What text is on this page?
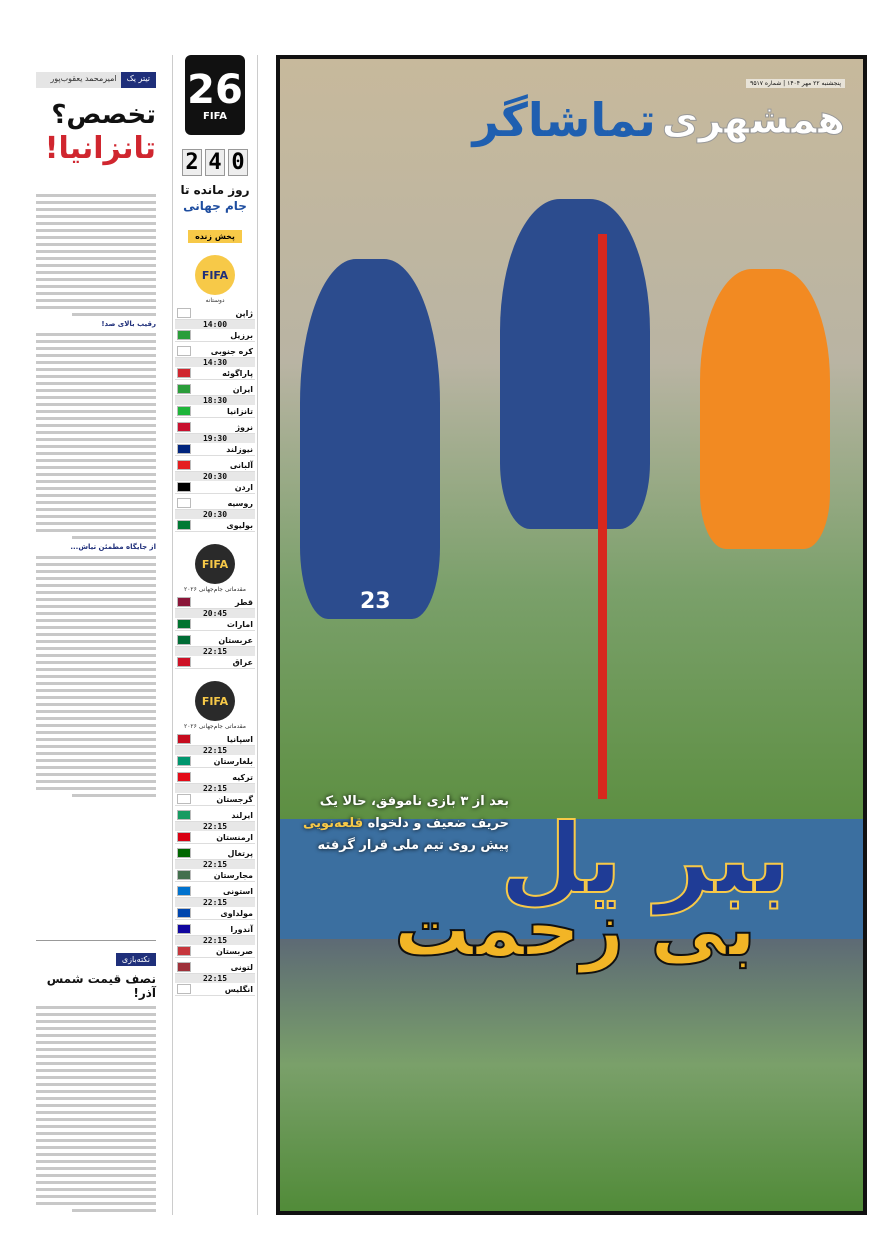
تیتر یک
امیرمحمد یعقوب‌پور
تخصص؟
تانزانیا!
رقیب بالای صد!
از جایگاه مطمئن تیاش...
نکته‌بازی
نصف قیمت شمس آذر!
26
FIFA
2 4 0
روز مانده تا
جام جهانی
پخش زنده
FIFA
دوستانه
ژاپن
14:00
برزیل
کره جنوبی
14:30
پاراگوئه
ایران
18:30
تانزانیا
نروژ
19:30
نیوزلند
آلبانی
20:30
اردن
روسیه
20:30
بولیوی
FIFA
مقدماتی جام‌جهانی ۲۰۲۶
قطر
20:45
امارات
عربستان
22:15
عراق
FIFA
مقدماتی جام‌جهانی ۲۰۲۶
اسپانیا
22:15
بلغارستان
ترکیه
22:15
گرجستان
ایرلند
22:15
ارمنستان
پرتغال
22:15
مجارستان
استونی
22:15
مولداوی
آندورا
22:15
صربستان
لتونی
22:15
انگلیس
23
پنجشنبه ۲۲ مهر ۱۴۰۴ | شماره ۹۵۱۷
همشهری
تماشاگر
بعد از ۳ بازی ناموفق، حالا یک
حریف ضعیف و دلخواه قلعه‌نویی
پیش روی تیم ملی قرار گرفته
ببر یل
بی زحمت
